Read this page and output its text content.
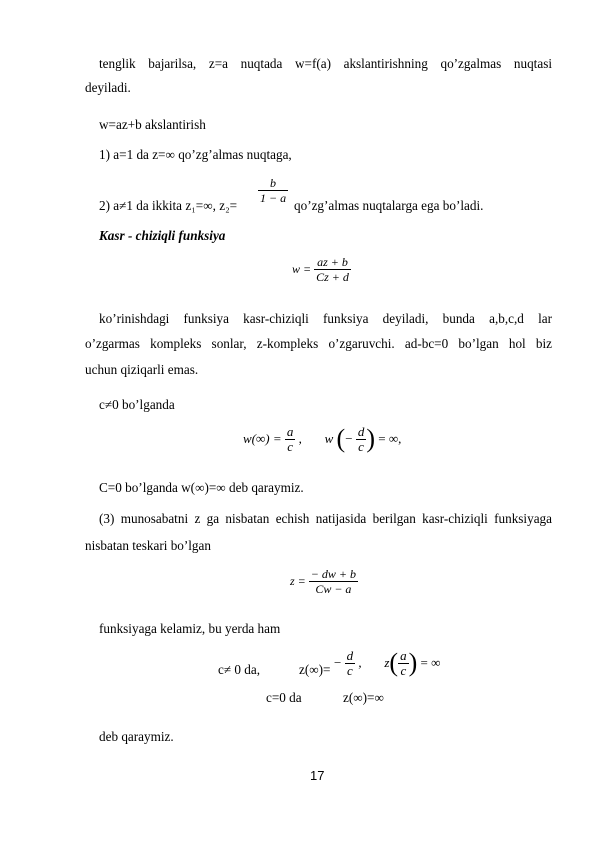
tenglik bajarilsa, z=a nuqtada w=f(a) akslantirishning qo’zgalmas nuqtasi
deyiladi.
w=az+b akslantirish
1) a=1 da z=∞ qo’zg’almas nuqtaga,
2) a≠1 da ikkita z₁=∞, z₂=
$\frac{b}{1 - a}$
qo’zg’almas nuqtalarga ega bo’ladi.
Kasr - chiziqli funksiya
$w = \frac{az + b}{Cz + d}$
ko’rinishdagi funksiya kasr-chiziqli funksiya deyiladi, bunda a,b,c,d lar
o’zgarmas kompleks sonlar, z-kompleks o’zgaruvchi. ad-bc=0 bo’lgan hol biz
uchun qiziqarli emas.
c≠0 bo’lganda
$w(\infty) = \frac{a}{c}$ ,       w (− $\frac{d}{c}$ ) = ∞,
C=0 bo’lganda w(∞)=∞ deb qaraymiz.
(3) munosabatni z ga nisbatan echish natijasida berilgan kasr-chiziqli funksiyaga
nisbatan teskari bo’lgan
$z = \frac{- dw + b}{Cw - a}$
funksiyaga kelamiz, bu yerda ham
c≠ 0 da,	$z(\infty)= - \frac{d}{c}$ ,       $z( \frac{a}{c}$ ) = ∞
c=0 da	z(∞)=∞
deb qaraymiz.
17
